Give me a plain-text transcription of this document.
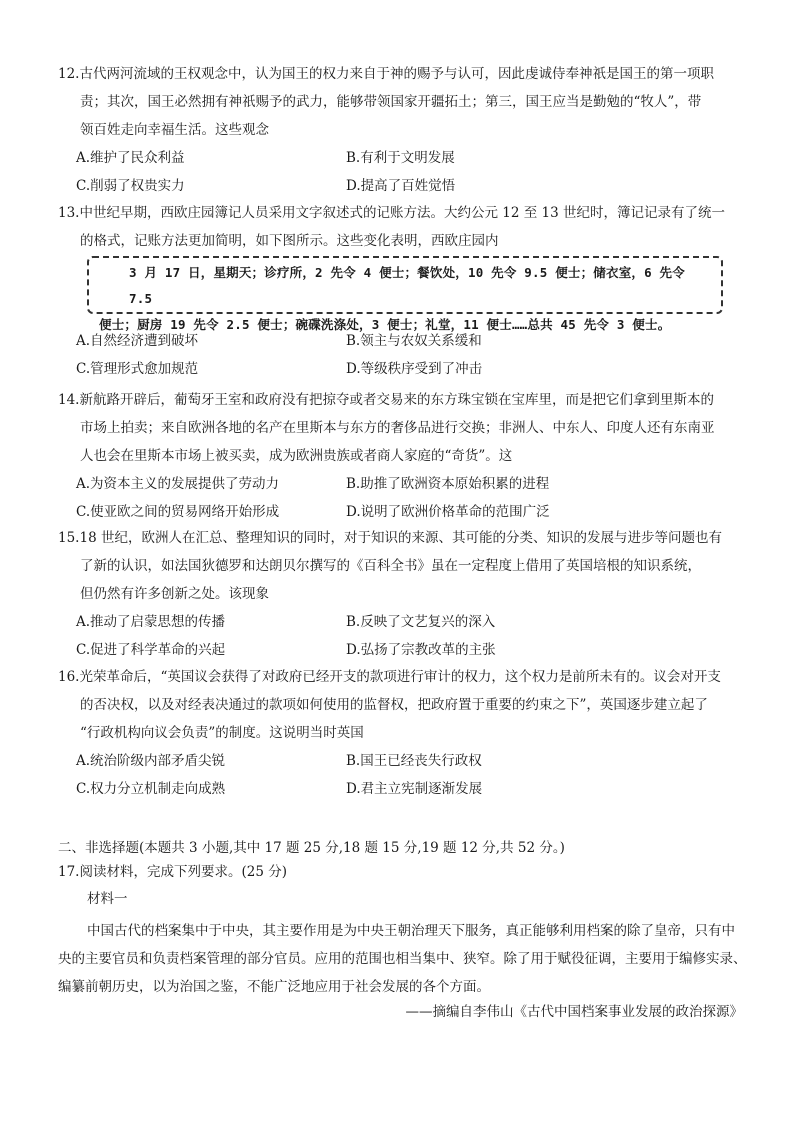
12.古代两河流域的王权观念中，认为国王的权力来自于神的赐予与认可，因此虔诚侍奉神祇是国王的第一项职
责；其次，国王必然拥有神祇赐予的武力，能够带领国家开疆拓土；第三，国王应当是勤勉的“牧人”，带
领百姓走向幸福生活。这些观念
A.维护了民众利益	B.有利于文明发展
C.削弱了权贵实力	D.提高了百姓觉悟
13.中世纪早期，西欧庄园簿记人员采用文字叙述式的记账方法。大约公元 12 至 13 世纪时，簿记记录有了统一
的格式，记账方法更加简明，如下图所示。这些变化表明，西欧庄园内
3 月 17 日，星期天；诊疗所，2 先令 4 便士；餐饮处，10 先令 9.5 便士；储衣室，6 先令 7.5
便士；厨房 19 先令 2.5 便士；碗碟洗涤处，3 便士；礼堂，11 便士……总共 45 先令 3 便士。
A.自然经济遭到破坏	B.领主与农奴关系缓和
C.管理形式愈加规范	D.等级秩序受到了冲击
14.新航路开辟后，葡萄牙王室和政府没有把掠夺或者交易来的东方珠宝锁在宝库里，而是把它们拿到里斯本的
市场上拍卖；来自欧洲各地的名产在里斯本与东方的奢侈品进行交换；非洲人、中东人、印度人还有东南亚
人也会在里斯本市场上被买卖，成为欧洲贵族或者商人家庭的“奇货”。这
A.为资本主义的发展提供了劳动力	B.助推了欧洲资本原始积累的进程
C.使亚欧之间的贸易网络开始形成	D.说明了欧洲价格革命的范围广泛
15.18 世纪，欧洲人在汇总、整理知识的同时，对于知识的来源、其可能的分类、知识的发展与进步等问题也有
了新的认识，如法国狄德罗和达朗贝尔撰写的《百科全书》虽在一定程度上借用了英国培根的知识系统，
但仍然有许多创新之处。该现象
A.推动了启蒙思想的传播	B.反映了文艺复兴的深入
C.促进了科学革命的兴起	D.弘扬了宗教改革的主张
16.光荣革命后，“英国议会获得了对政府已经开支的款项进行审计的权力，这个权力是前所未有的。议会对开支
的否决权，以及对经表决通过的款项如何使用的监督权，把政府置于重要的约束之下”，英国逐步建立起了
“行政机构向议会负责”的制度。这说明当时英国
A.统治阶级内部矛盾尖锐	B.国王已经丧失行政权
C.权力分立机制走向成熟	D.君主立宪制逐渐发展
二、非选择题(本题共 3 小题,其中 17 题 25 分,18 题 15 分,19 题 12 分,共 52 分。)
17.阅读材料，完成下列要求。(25 分)
材料一
中国古代的档案集中于中央，其主要作用是为中央王朝治理天下服务，真正能够利用档案的除了皇帝，只有中央的主要官员和负责档案管理的部分官员。应用的范围也相当集中、狭窄。除了用于赋役征调，主要用于编修实录、编纂前朝历史，以为治国之鉴，不能广泛地应用于社会发展的各个方面。
——摘编自李伟山《古代中国档案事业发展的政治探源》
